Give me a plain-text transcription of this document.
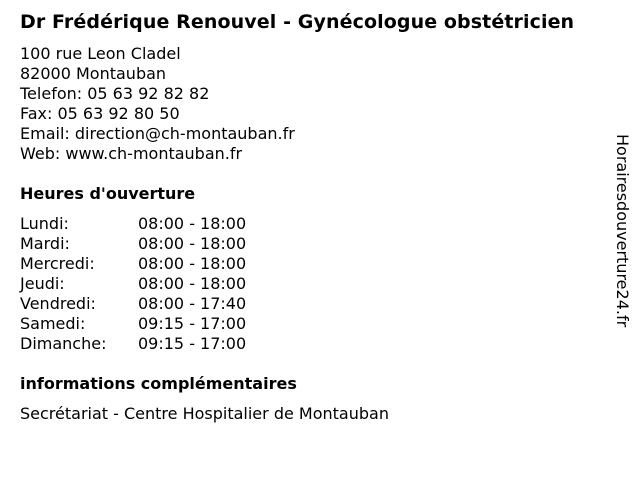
Dr Frédérique Renouvel - Gynécologue obstétricien
100 rue Leon Cladel
82000 Montauban
Telefon: 05 63 92 82 82
Fax: 05 63 92 80 50
Email: direction@ch-montauban.fr
Web: www.ch-montauban.fr
Heures d'ouverture
Lundi:	08:00 - 18:00
Mardi:	08:00 - 18:00
Mercredi:	08:00 - 18:00
Jeudi:	08:00 - 18:00
Vendredi:	08:00 - 17:40
Samedi:	09:15 - 17:00
Dimanche: 09:15 - 17:00
informations complémentaires
Secrétariat - Centre Hospitalier de Montauban
Horairesdouverture24.fr
